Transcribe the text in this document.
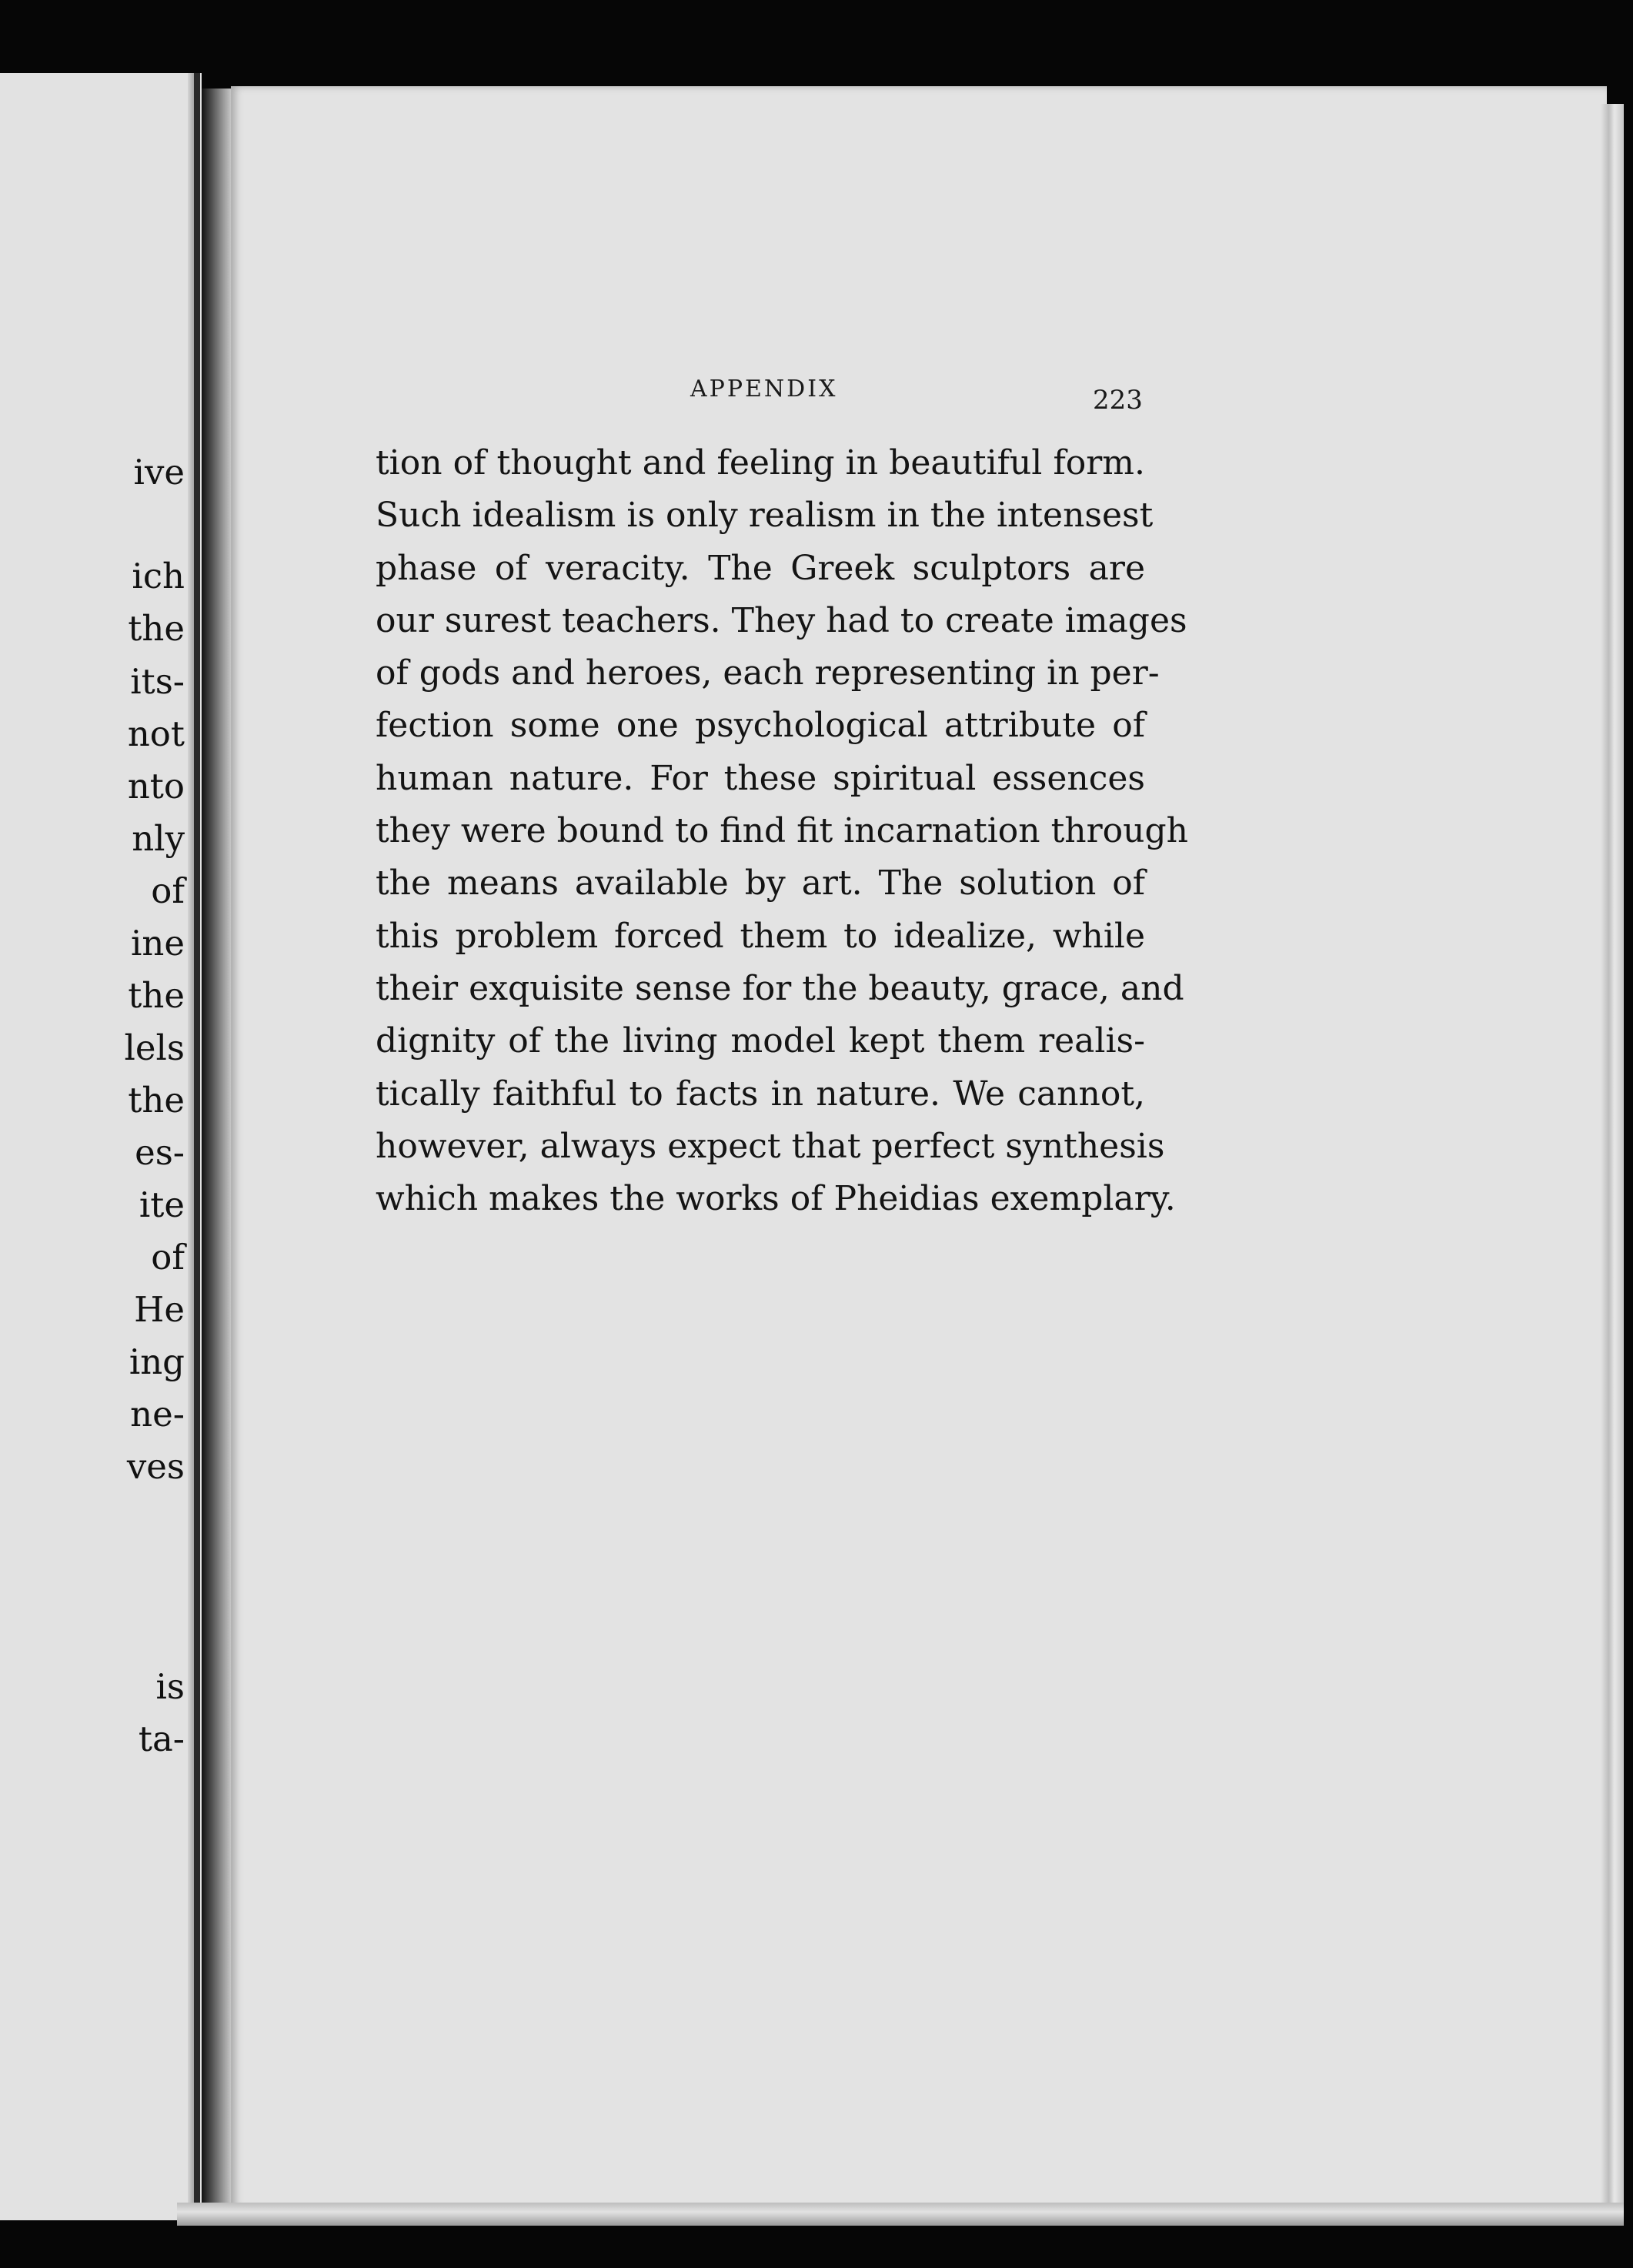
ive
ich
the
its-
not
nto
nly
of
ine
the
lels
the
es-
ite
of
He
ing
ne-
ves
is
ta-
APPENDIX	223
tion of thought and feeling in beautiful form.
Such idealism is only realism in the intensest
phase of veracity. The Greek sculptors are
our surest teachers. They had to create images
of gods and heroes, each representing in per-
fection some one psychological attribute of
human nature. For these spiritual essences
they were bound to find fit incarnation through
the means available by art. The solution of
this problem forced them to idealize, while
their exquisite sense for the beauty, grace, and
dignity of the living model kept them realis-
tically faithful to facts in nature. We cannot,
however, always expect that perfect synthesis
which makes the works of Pheidias exemplary.
